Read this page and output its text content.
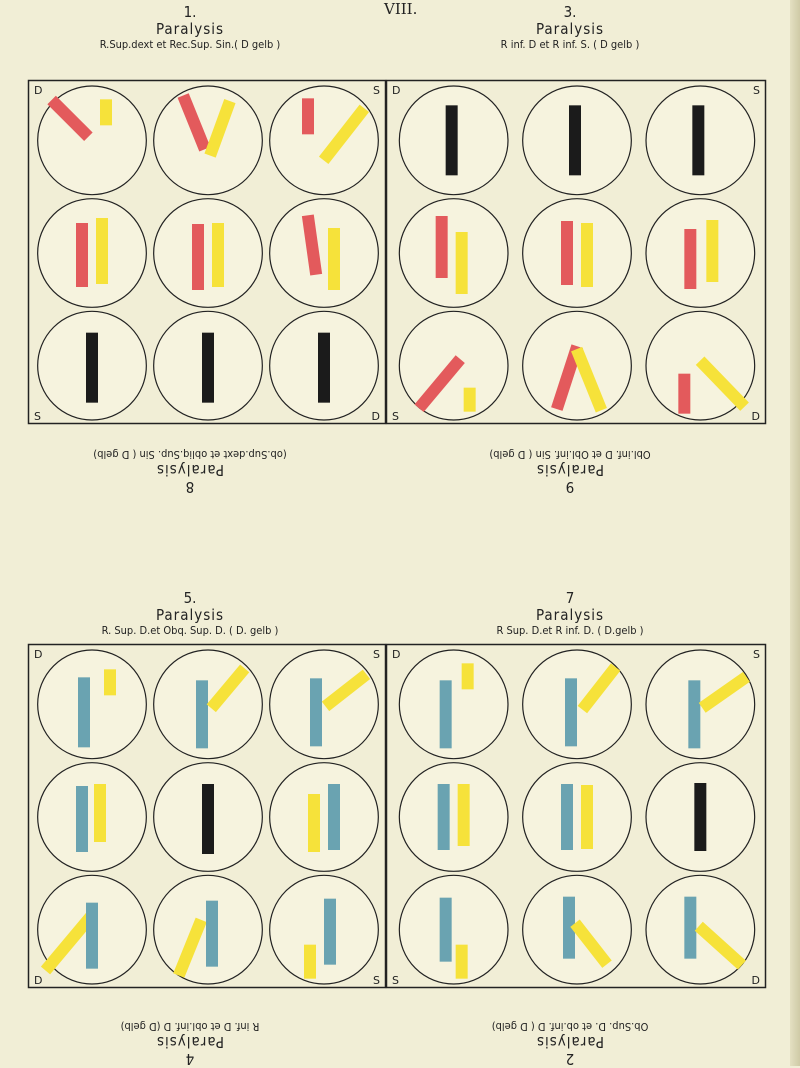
VIII.
1.
Paralysis
R.Sup.dext et Rec.Sup. Sin.( D gelb )
3.
Paralysis
R inf. D et R inf. S. ( D gelb )
5.
Paralysis
R. Sup. D.et Obq. Sup. D. ( D. gelb )
7
Paralysis
R Sup. D.et R inf. D. ( D.gelb )
8
Paralysis
(ob.Sup.dext et obliq.Sup. Sin ( D gelb)
9
Paralysis
Obl.inf. D et Obl.inf. Sin ( D gelb)
4
Paralysis
R inf. D et obl.inf. D (D gelb)
2
Paralysis
Ob.Sup. D. et ob.inf. D ( D gelb)
D	S
S	D
D	S
S	D
D	S
D	S
D	S
S	D
